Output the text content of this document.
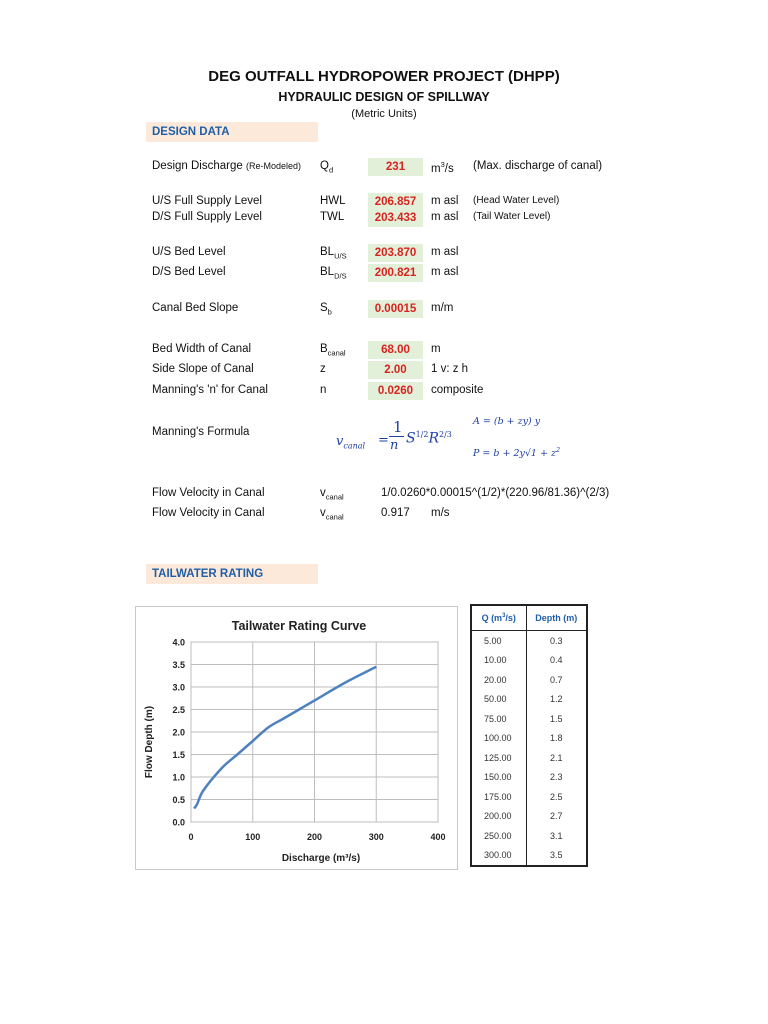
DEG OUTFALL HYDROPOWER PROJECT (DHPP)
HYDRAULIC DESIGN OF SPILLWAY
(Metric Units)
DESIGN DATA
Design Discharge (Re-Modeled) $Q_d$	231	$m^3/s$ (Max. discharge of canal)
U/S Full Supply Level	HWL	206.857	m asl (Head Water Level)
D/S Full Supply Level	TWL	203.433	m asl (Tail Water Level)
U/S Bed Level	$BL_{U/S}$	203.870	m asl
D/S Bed Level	$BL_{D/S}$	200.821	m asl
Canal Bed Slope	$S_b$	0.00015	m/m
Bed Width of Canal	$B_{canal}$	68.00	m
Side Slope of Canal	z	2.00	1 v: z h
Manning's 'n' for Canal	n	0.0260	composite
Manning's Formula
$v_{canal}$ =
1
n $S^{1/2}R^{2/3}$
A = (b + zy) y
$P = b + 2y√1 + z^2$
Flow Velocity in Canal	$v_{canal}$	1/0.0260*0.00015^(1/2)*(220.96/81.36)^(2/3)
Flow Velocity in Canal	$v_{canal}$	0.917 m/s
TAILWATER RATING
Tailwater Rating Curve
0.0
0.5
1.0
1.5
2.0
2.5
3.0
3.5
4.0
0	100	200	300	400
Discharge (m³/s)
Flow Depth (m)
Q $(m^3/s)$	Depth (m)
5.00	0.3
10.00	0.4
20.00	0.7
50.00	1.2
75.00	1.5
100.00	1.8
125.00	2.1
150.00	2.3
175.00	2.5
200.00	2.7
250.00	3.1
300.00	3.5
